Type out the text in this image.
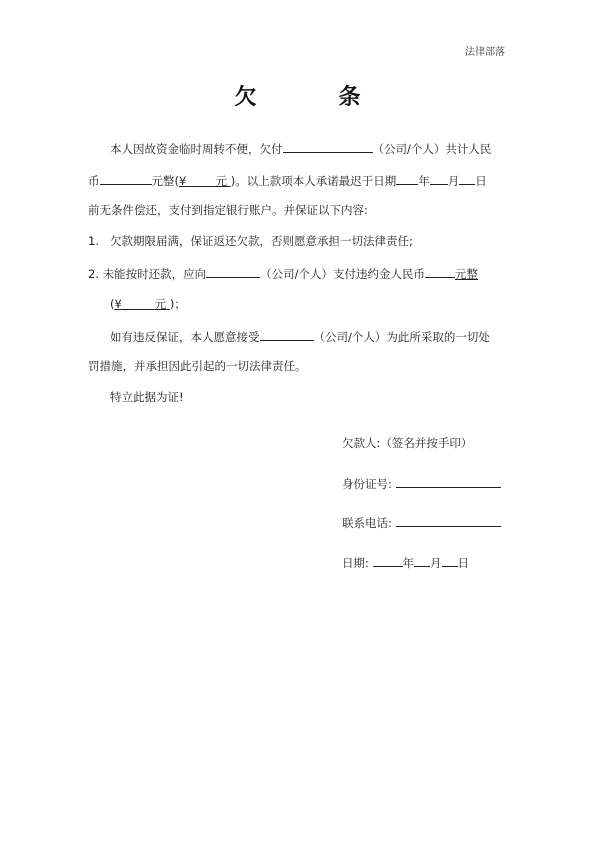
法律部落
欠　条
本人因故资金临时周转不便，欠付	（公司/个人）共计人民
币	元整(¥	元 )。以上款项本人承诺最迟于日期 年 月 日
前无条件偿还，支付到指定银行账户。并保证以下内容:
1. 欠款期限届满，保证返还欠款，否则愿意承担一切法律责任;
2. 未能按时还款，应向	（公司/个人）支付违约金人民币	元整
(¥	元 )；
如有违反保证，本人愿意接受	（公司/个人）为此所采取的一切处
罚措施，并承担因此引起的一切法律责任。
特立此据为证!
欠款人:（签名并按手印）
身份证号:
联系电话:
日期:	年 月 日
